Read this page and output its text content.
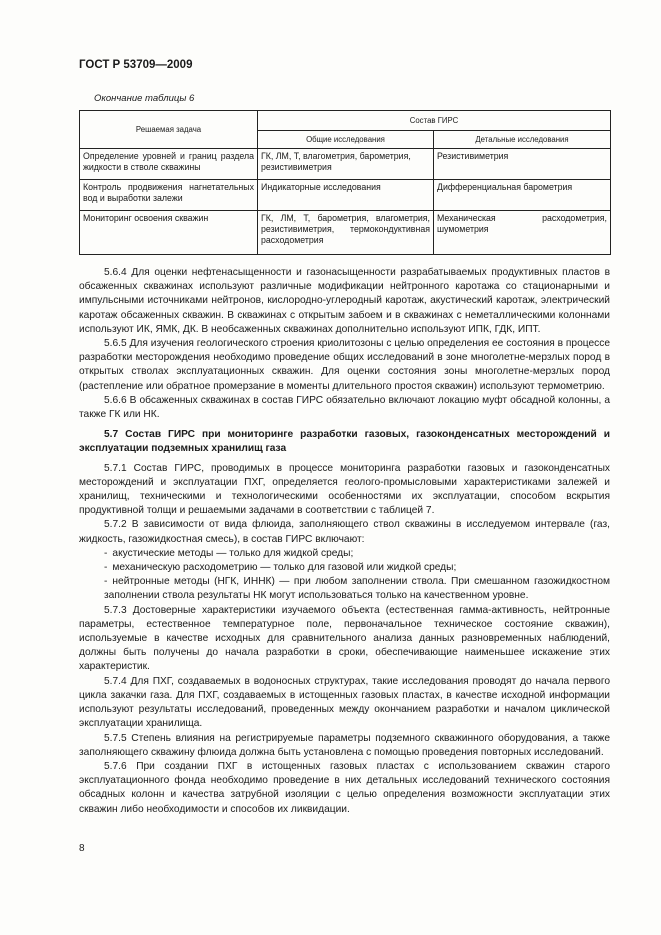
ГОСТ Р 53709—2009
Окончание таблицы 6
Решаемая задача	Состав ГИРС	
	Общие исследования	Детальные исследования
Определение уровней и границ раздела жидкости в стволе скважины	ГК, ЛМ, Т, влагометрия, барометрия, резистивиметрия	Резистивиметрия
Контроль продвижения нагнетательных вод и выработки залежи	Индикаторные исследования	Дифференциальная барометрия
Мониторинг освоения скважин	ГК, ЛМ, Т, барометрия, влагометрия, резистивиметрия, термокондуктивная расходометрия	Механическая расходометрия, шумометрия

5.6.4 Для оценки нефтенасыщенности и газонасыщенности разрабатываемых продуктивных пластов в обсаженных скважинах используют различные модификации нейтронного каротажа со стационарными и импульсными источниками нейтронов, кислородно-углеродный каротаж, акустический каротаж, электрический каротаж обсаженных скважин. В скважинах с открытым забоем и в скважинах с неметаллическими колоннами используют ИК, ЯМК, ДК. В необсаженных скважинах дополнительно используют ИПК, ГДК, ИПТ.

5.6.5 Для изучения геологического строения криолитозоны с целью определения ее состояния в процессе разработки месторождения необходимо проведение общих исследований в зоне многолетне-мерзлых пород в открытых стволах эксплуатационных скважин. Для оценки состояния зоны многолетне-мерзлых пород (растепление или обратное промерзание в моменты длительного простоя скважин) используют термометрию.

5.6.6 В обсаженных скважинах в состав ГИРС обязательно включают локацию муфт обсадной колонны, а также ГК или НК.

5.7 Состав ГИРС при мониторинге разработки газовых, газоконденсатных месторождений и эксплуатации подземных хранилищ газа

5.7.1 Состав ГИРС, проводимых в процессе мониторинга разработки газовых и газоконденсатных месторождений и эксплуатации ПХГ, определяется геолого-промысловыми характеристиками залежей и хранилищ, техническими и технологическими особенностями их эксплуатации, способом вскрытия продуктивной толщи и решаемыми задачами в соответствии с таблицей 7.

5.7.2 В зависимости от вида флюида, заполняющего ствол скважины в исследуемом интервале (газ, жидкость, газожидкостная смесь), в состав ГИРС включают:

- акустические методы — только для жидкой среды;
- механическую расходометрию — только для газовой или жидкой среды;
- нейтронные методы (НГК, ИННК) — при любом заполнении ствола. При смешанном газожидкостном заполнении ствола результаты НК могут использоваться только на качественном уровне.

5.7.3 Достоверные характеристики изучаемого объекта (естественная гамма-активность, нейтронные параметры, естественное температурное поле, первоначальное техническое состояние скважин), используемые в качестве исходных для сравнительного анализа данных разновременных наблюдений, должны быть получены до начала разработки в сроки, обеспечивающие наименьшее искажение этих характеристик.

5.7.4 Для ПХГ, создаваемых в водоносных структурах, такие исследования проводят до начала первого цикла закачки газа. Для ПХГ, создаваемых в истощенных газовых пластах, в качестве исходной информации используют результаты исследований, проведенных между окончанием разработки и началом циклической эксплуатации хранилища.

5.7.5 Степень влияния на регистрируемые параметры подземного скважинного оборудования, а также заполняющего скважину флюида должна быть установлена с помощью проведения повторных исследований.

5.7.6 При создании ПХГ в истощенных газовых пластах с использованием скважин старого эксплуатационного фонда необходимо проведение в них детальных исследований технического состояния обсадных колонн и качества затрубной изоляции с целью определения возможности эксплуатации этих скважин либо необходимости и способов их ликвидации.

8
